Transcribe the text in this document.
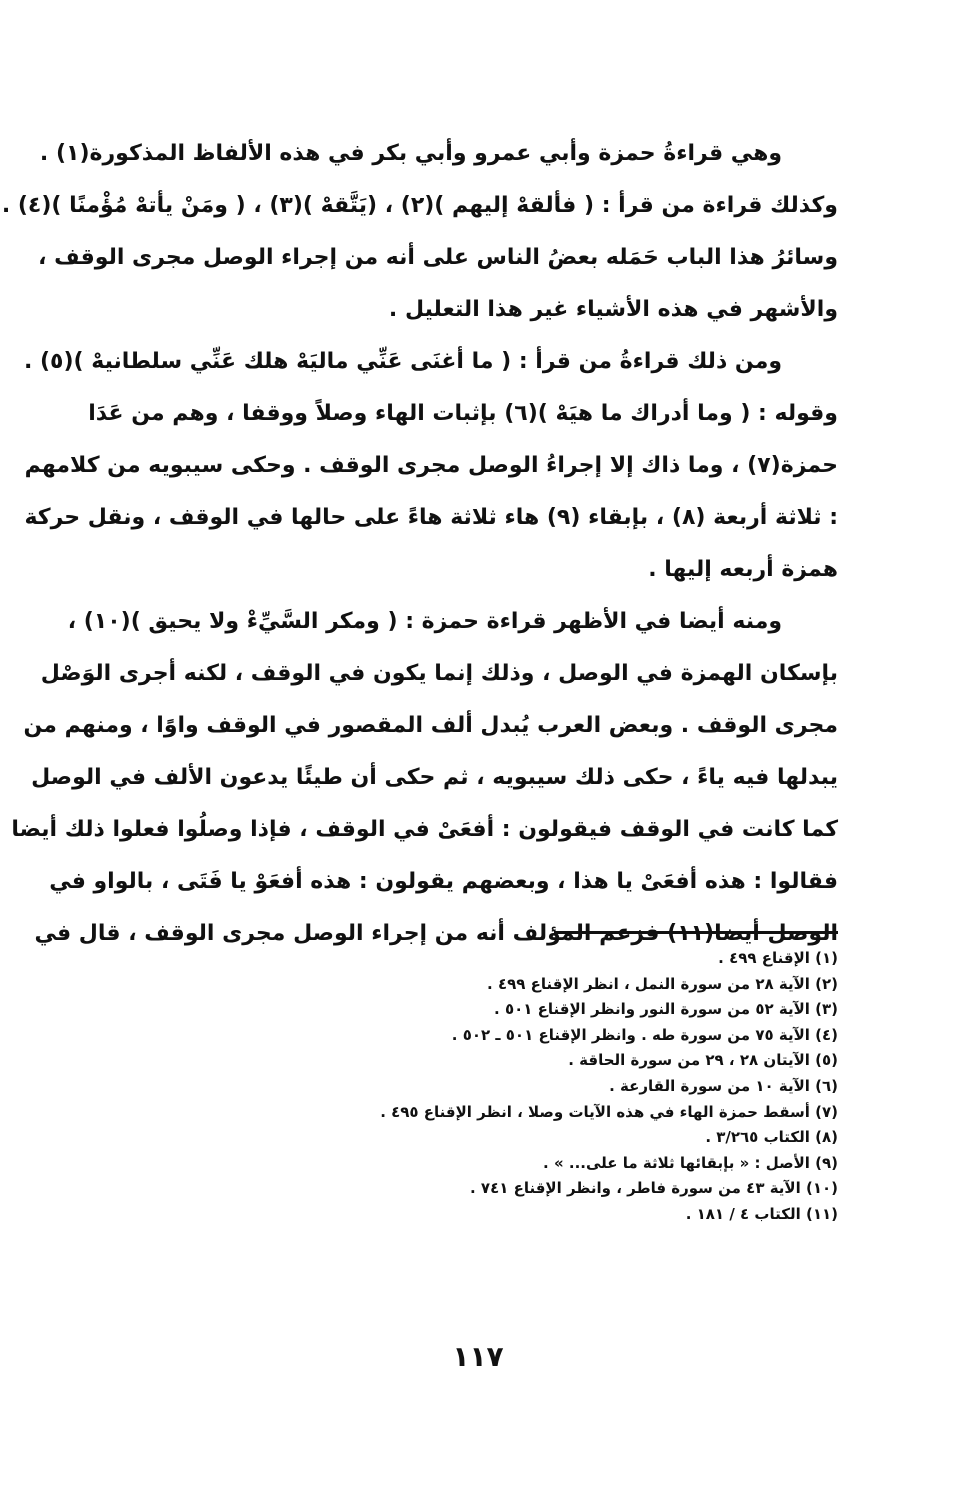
وهي قراءةُ حمزة وأبي عمرو وأبي بكر في هذه الألفاظ المذكورة(١) .
وكذلك قراءة من قرأ : ( فألقهْ إليهم )(٢) ، (يَتَّقهْ )(٣) ، ( ومَنْ يأتهْ مُؤْمنًا )(٤) .
وسائرُ هذا الباب حَمَله بعضُ الناس على أنه من إجراء الوصل مجرى الوقف ،
والأشهر في هذه الأشياء غير هذا التعليل .
ومن ذلك قراءةُ من قرأ : ( ما أغنَى عَنِّي ماليَهْ هلك عَنِّي سلطانيهْ )(٥) .
وقوله : ( وما أدراك ما هيَهْ )(٦) بإثبات الهاء وصلاً ووقفا ، وهم من عَدَا
حمزة(٧) ، وما ذاك إلا إجراءُ الوصل مجرى الوقف . وحكى سيبويه من كلامهم
: ثلاثة أربعة (٨) ، بإبقاء (٩) هاء ثلاثة هاءً على حالها في الوقف ، ونقل حركة
همزة أربعه إليها .
ومنه أيضا في الأظهر قراءة حمزة : ( ومكر السَّيِّءْ ولا يحيق )(١٠) ،
بإسكان الهمزة في الوصل ، وذلك إنما يكون في الوقف ، لكنه أجرى الوَصْل
مجرى الوقف . وبعض العرب يُبدل ألف المقصور في الوقف واوًا ، ومنهم من
يبدلها فيه ياءً ، حكى ذلك سيبويه ، ثم حكى أن طيئًا يدعون الألف في الوصل
كما كانت في الوقف فيقولون : أفعَىْ في الوقف ، فإذا وصلُوا فعلوا ذلك أيضا
فقالوا : هذه أفعَىْ يا هذا ، وبعضهم يقولون : هذه أفعَوْ يا فَتَى ، بالواو في
الوصل أيضا(١١) فزعم المؤلف أنه من إجراء الوصل مجرى الوقف ، قال في
(١) الإقناع ٤٩٩ .
(٢) الآية ٢٨ من سورة النمل ، انظر الإقناع ٤٩٩ .
(٣) الآية ٥٢ من سورة النور وانظر الإقناع ٥٠١ .
(٤) الآية ٧٥ من سورة طه . وانظر الإقناع ٥٠١ ـ ٥٠٢ .
(٥) الآيتان ٢٨ ، ٢٩ من سورة الحاقة .
(٦) الآية ١٠ من سورة القارعة .
(٧) أسقط حمزة الهاء في هذه الآيات وصلا ، انظر الإقناع ٤٩٥ .
(٨) الكتاب ٣/٢٦٥ .
(٩) الأصل : « بإبقائها ثلاثة ما على... » .
(١٠) الآية ٤٣ من سورة فاطر ، وانظر الإقناع ٧٤١ .
(١١) الكتاب ٤ / ١٨١ .
١١٧
